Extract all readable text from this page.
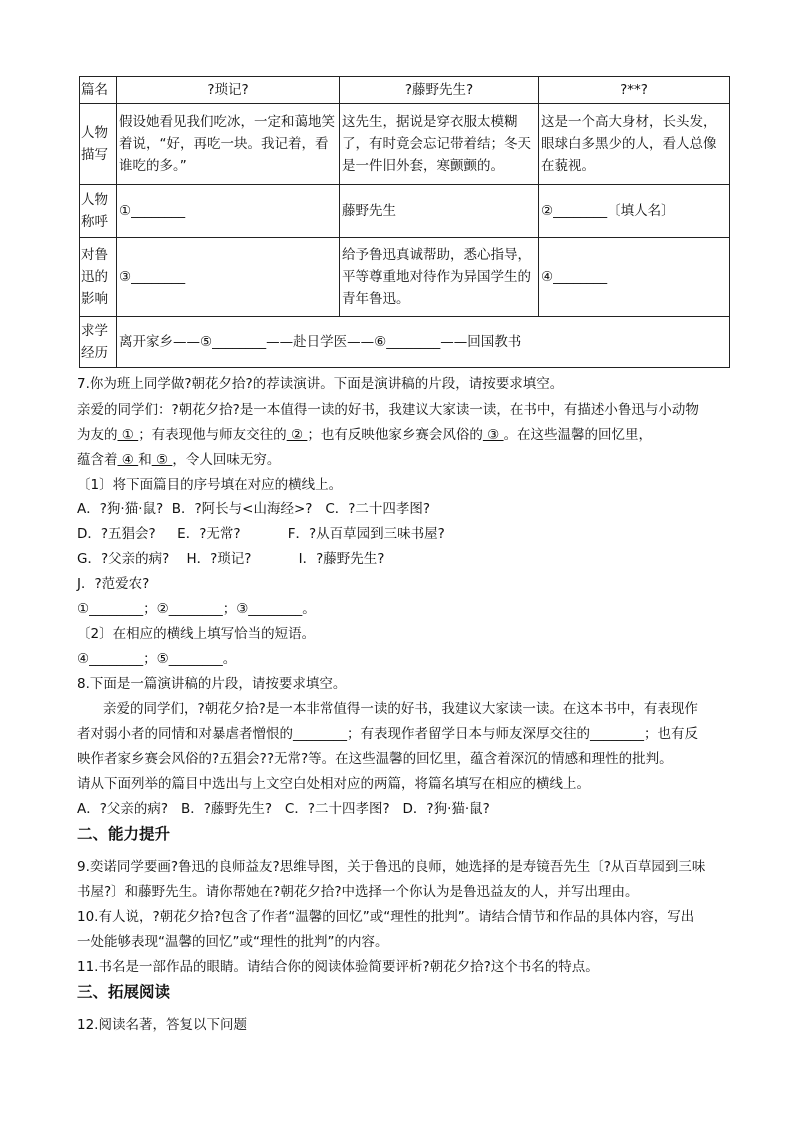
篇名	?琐记?	?藤野先生?	?**?
人物描写	假设她看见我们吃冰，一定和蔼地笑着说，“好，再吃一块。我记着，看谁吃的多。”	这先生，据说是穿衣服太模糊了，有时竟会忘记带着结；冬天是一件旧外套，寒颤颤的。	这是一个高大身材，长头发，眼球白多黑少的人，看人总像在藐视。
人物称呼	①________	藤野先生	②________〔填人名〕
对鲁迅的影响	③________	给予鲁迅真诚帮助，悉心指导，平等尊重地对待作为异国学生的青年鲁迅。	④________
求学经历	离开家乡——⑤________——赴日学医——⑥________——回国教书		
7.你为班上同学做?朝花夕拾?的荐读演讲。下面是演讲稿的片段，请按要求填空。
亲爱的同学们：?朝花夕拾?是一本值得一读的好书，我建议大家读一读，在书中，有描述小鲁迅与小动物
为友的 ① ；有表现他与师友交往的 ② ；也有反映他家乡赛会风俗的 ③ 。在这些温馨的回忆里，
蕴含着 ④ 和 ⑤ ，令人回味无穷。
〔1〕将下面篇目的序号填在对应的横线上。
A．?狗·猫·鼠?  B．?阿长与<山海经>?   C．?二十四孝图?
D．?五猖会?     E．?无常?           F．?从百草园到三味书屋?
G．?父亲的病?    H．?琐记?           I．?藤野先生?
J．?范爱农?
①________；②________；③________。
〔2〕在相应的横线上填写恰当的短语。
④________；⑤________。
8.下面是一篇演讲稿的片段，请按要求填空。
亲爱的同学们，?朝花夕拾?是一本非常值得一读的好书，我建议大家读一读。在这本书中，有表现作
者对弱小者的同情和对暴虐者憎恨的________；有表现作者留学日本与师友深厚交往的________；也有反
映作者家乡赛会风俗的?五猖会??无常?等。在这些温馨的回忆里，蕴含着深沉的情感和理性的批判。
请从下面列举的篇目中选出与上文空白处相对应的两篇，将篇名填写在相应的横线上。
A．?父亲的病?   B．?藤野先生?   C．?二十四孝图?   D．?狗·猫·鼠?
二、能力提升
9.奕诺同学要画?鲁迅的良师益友?思维导图，关于鲁迅的良师，她选择的是寿镜吾先生〔?从百草园到三味
书屋?〕和藤野先生。请你帮她在?朝花夕拾?中选择一个你认为是鲁迅益友的人，并写出理由。
10.有人说，?朝花夕拾?包含了作者“温馨的回忆”或“理性的批判”。请结合情节和作品的具体内容，写出
一处能够表现“温馨的回忆”或“理性的批判”的内容。
11.书名是一部作品的眼睛。请结合你的阅读体验简要评析?朝花夕拾?这个书名的特点。
三、拓展阅读
12.阅读名著，答复以下问题
